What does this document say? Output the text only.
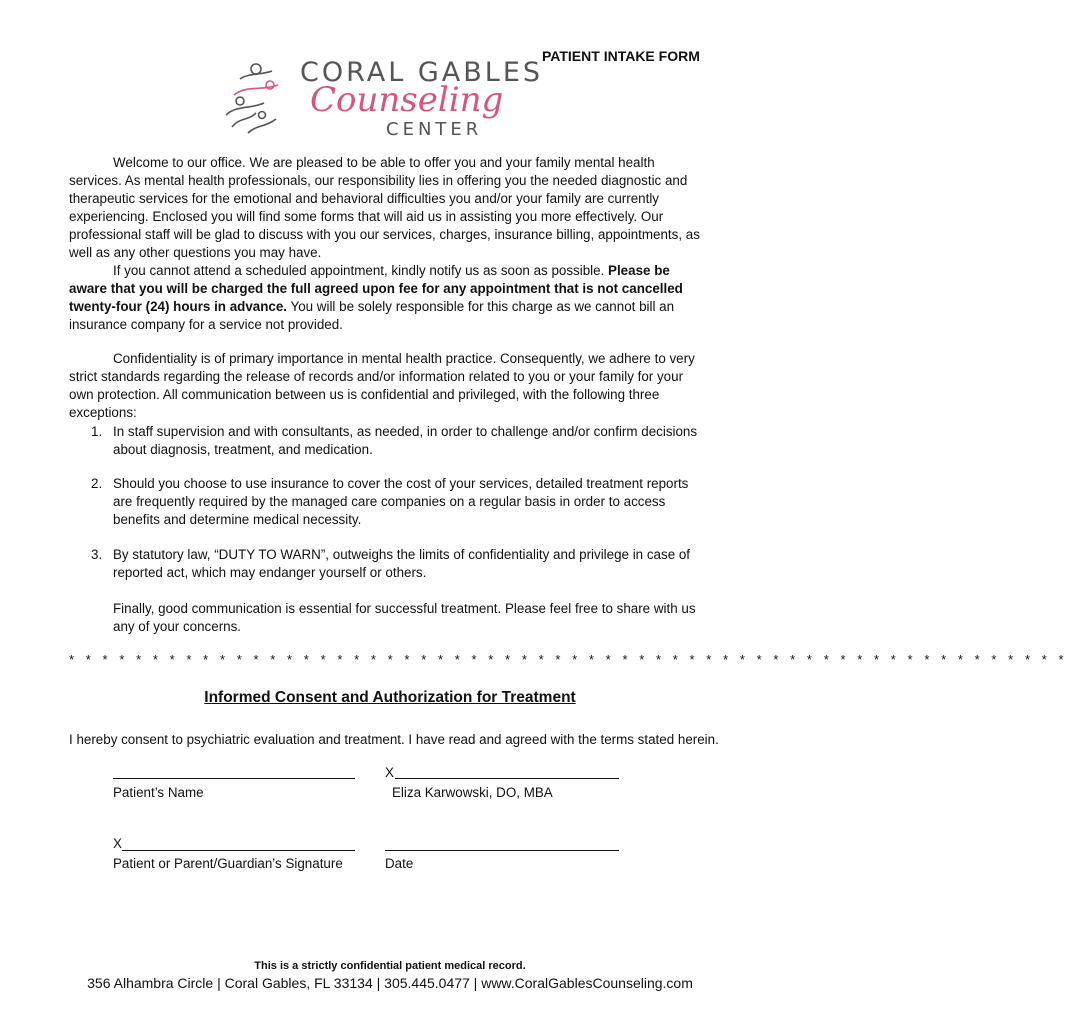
PATIENT INTAKE FORM
CORAL GABLES
Counseling
CENTER
Welcome to our office. We are pleased to be able to offer you and your family mental health services. As mental health professionals, our responsibility lies in offering you the needed diagnostic and therapeutic services for the emotional and behavioral difficulties you and/or your family are currently experiencing. Enclosed you will find some forms that will aid us in assisting you more effectively. Our professional staff will be glad to discuss with you our services, charges, insurance billing, appointments, as well as any other questions you may have.
If you cannot attend a scheduled appointment, kindly notify us as soon as possible. Please be aware that you will be charged the full agreed upon fee for any appointment that is not cancelled twenty-four (24) hours in advance. You will be solely responsible for this charge as we cannot bill an insurance company for a service not provided.
Confidentiality is of primary importance in mental health practice. Consequently, we adhere to very strict standards regarding the release of records and/or information related to you or your family for your own protection. All communication between us is confidential and privileged, with the following three exceptions:
1. In staff supervision and with consultants, as needed, in order to challenge and/or confirm decisions about diagnosis, treatment, and medication.
2. Should you choose to use insurance to cover the cost of your services, detailed treatment reports are frequently required by the managed care companies on a regular basis in order to access benefits and determine medical necessity.
3. By statutory law, “DUTY TO WARN”, outweighs the limits of confidentiality and privilege in case of reported act, which may endanger yourself or others.
Finally, good communication is essential for successful treatment. Please feel free to share with us any of your concerns.
* * * * * * * * * * * * * * * * * * * * * * * * * * * * * * * * * * * * * * * * * * * * * * * * * * * * * * * * * * * *
Informed Consent and Authorization for Treatment
I hereby consent to psychiatric evaluation and treatment. I have read and agreed with the terms stated herein.
Patient’s Name
X
Eliza Karwowski, DO, MBA
X
Patient or Parent/Guardian’s Signature	Date
This is a strictly confidential patient medical record.
356 Alhambra Circle | Coral Gables, FL 33134 | 305.445.0477 | www.CoralGablesCounseling.com
